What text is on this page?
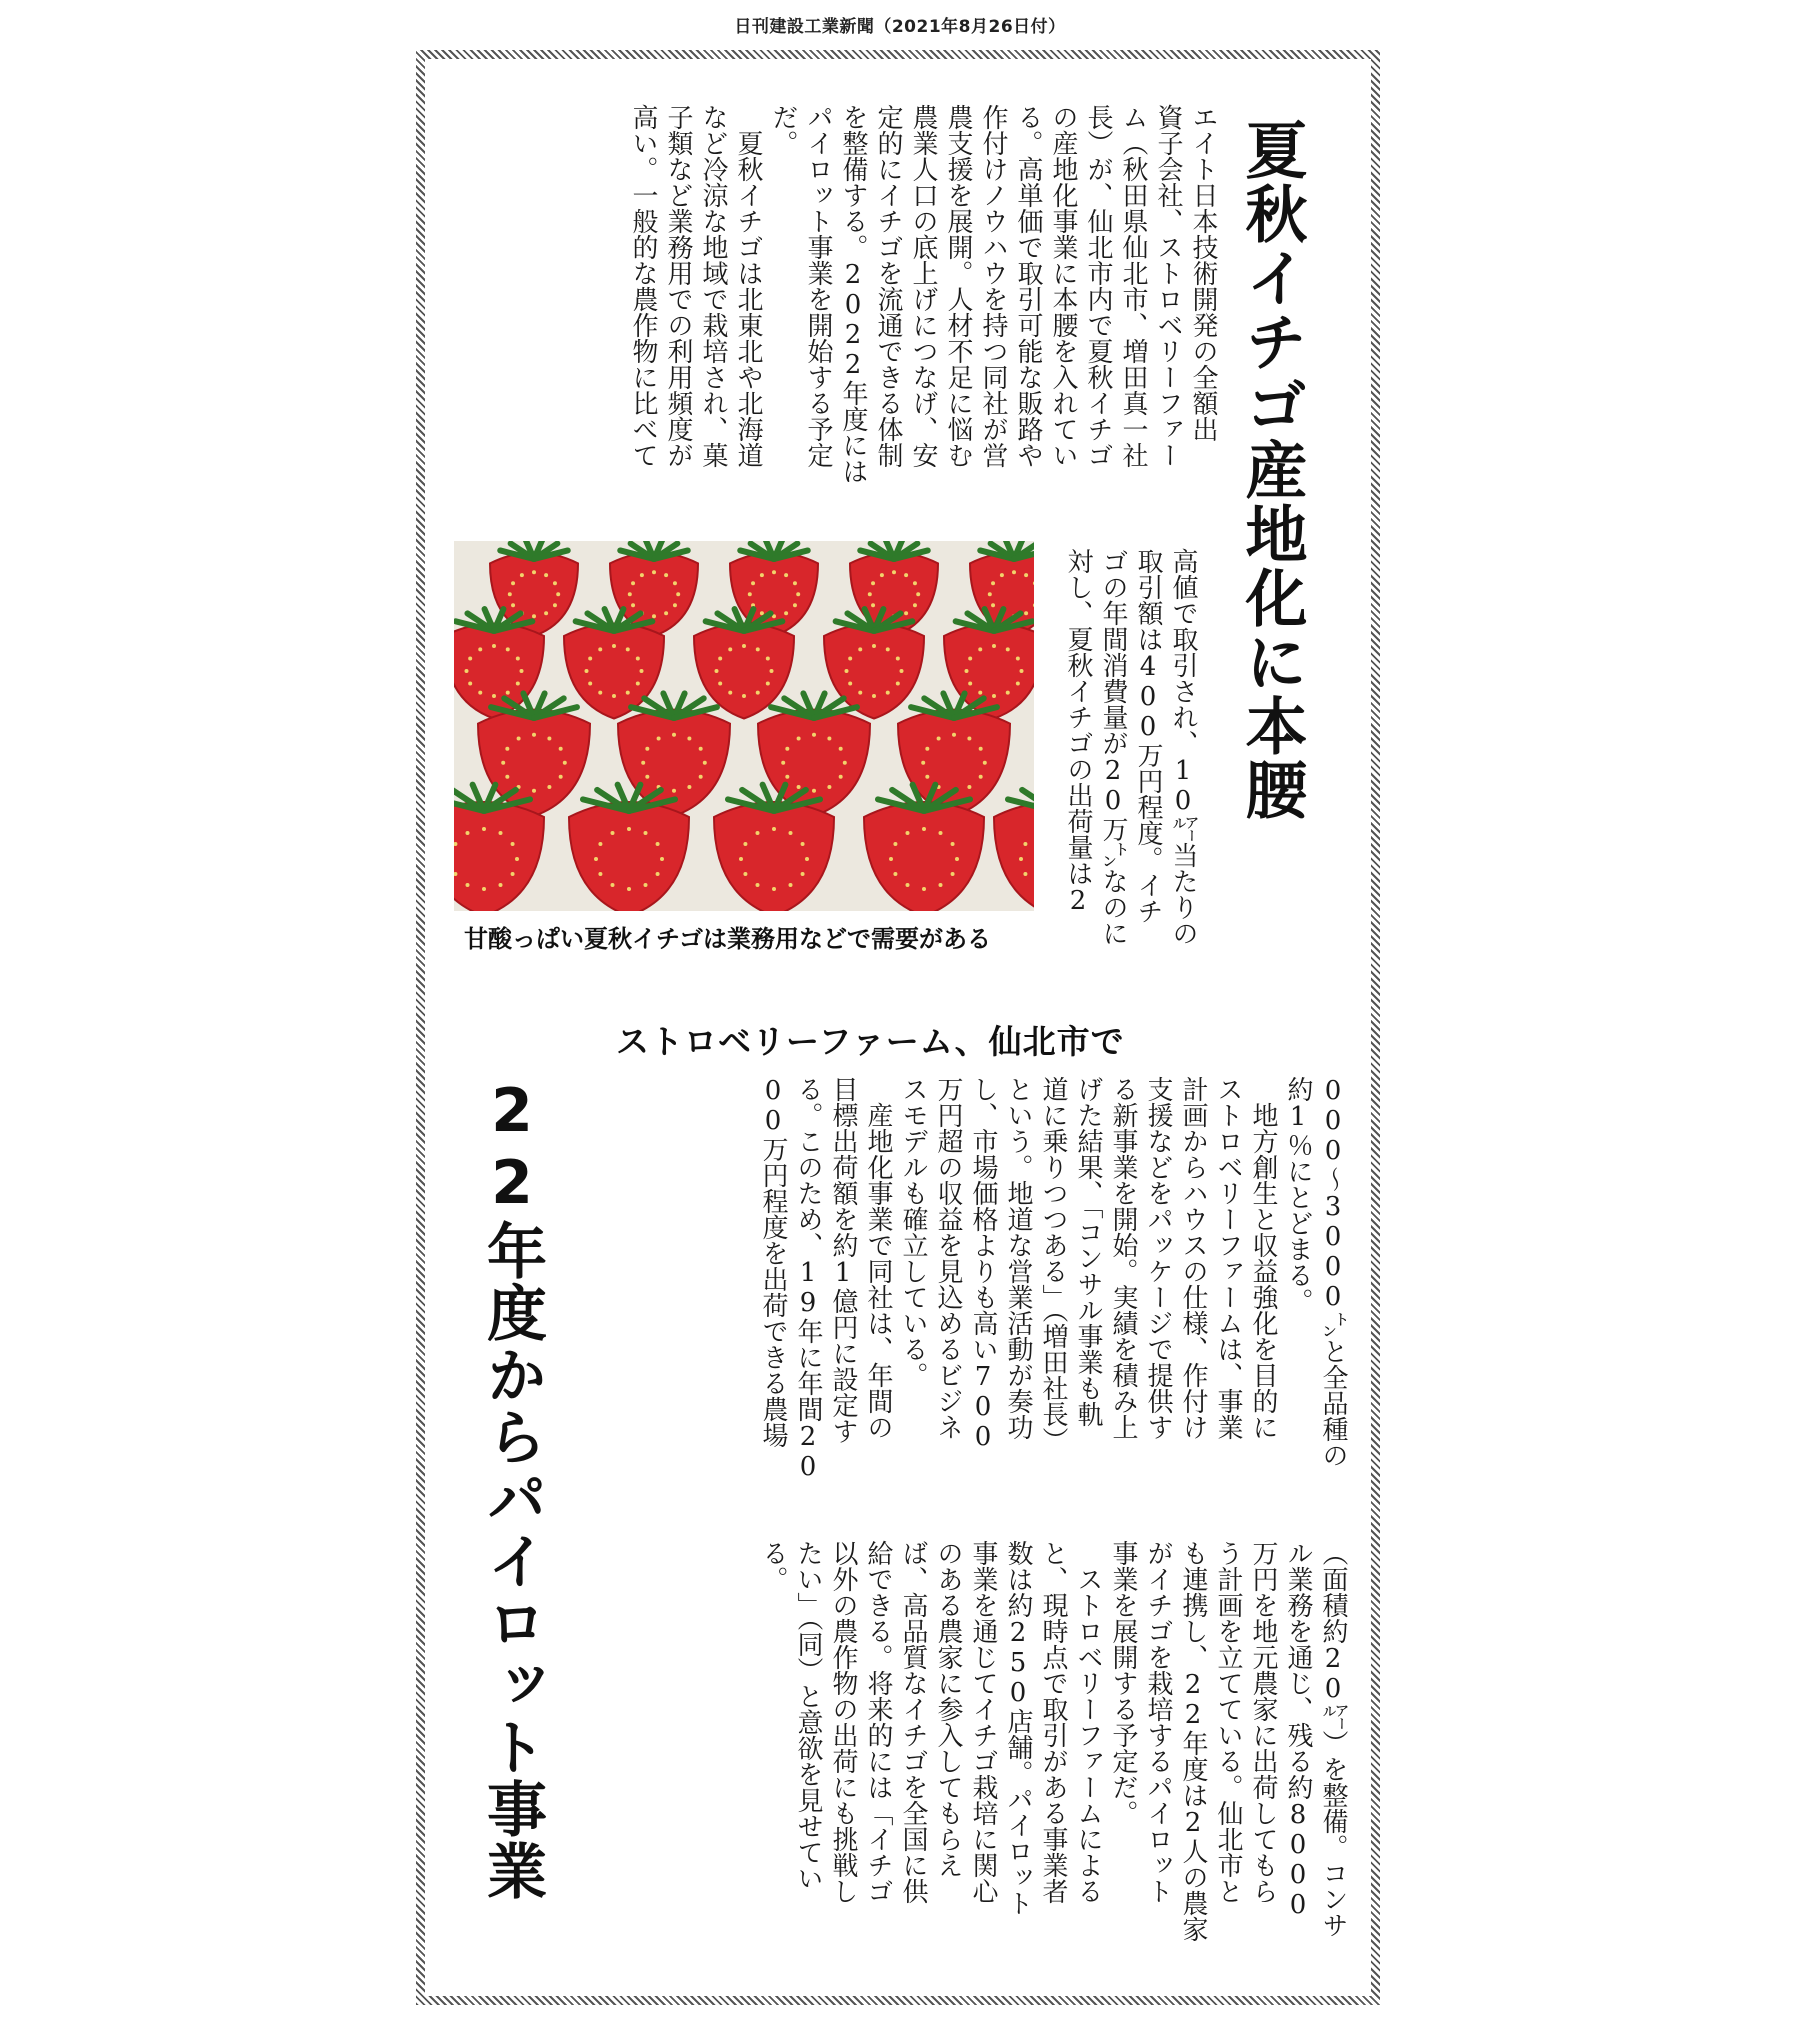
日刊建設工業新聞（2021年8月26日付）
夏秋イチゴ産地化に本腰
エイト日本技術開発の全額出
資子会社、ストロベリーファー
ム（秋田県仙北市、増田真一社
長）が、仙北市内で夏秋イチゴ
の産地化事業に本腰を入れてい
る。高単価で取引可能な販路や
作付けノウハウを持つ同社が営
農支援を展開。人材不足に悩む
農業人口の底上げにつなげ、安
定的にイチゴを流通できる体制
を整備する。2022年度には
パイロット事業を開始する予定
だ。
　夏秋イチゴは北東北や北海道
など冷涼な地域で栽培され、菓
子類など業務用での利用頻度が
高い。一般的な農作物に比べて
高値で取引され、10㌃当たりの
取引額は400万円程度。イチ
ゴの年間消費量が20万㌧なのに
対し、夏秋イチゴの出荷量は2
甘酸っぱい夏秋イチゴは業務用などで需要がある
ストロベリーファーム、仙北市で
22年度からパイロット事業	000～3000㌧と全品種の
約1％にとどまる。
　地方創生と収益強化を目的に
ストロベリーファームは、事業
計画からハウスの仕様、作付け
支援などをパッケージで提供す
る新事業を開始。実績を積み上
げた結果、「コンサル事業も軌
道に乗りつつある」（増田社長）
という。地道な営業活動が奏功
し、市場価格よりも高い700
万円超の収益を見込めるビジネ
スモデルも確立している。
　産地化事業で同社は、年間の
目標出荷額を約1億円に設定す
る。このため、19年に年間20
00万円程度を出荷できる農場
（面積約20㌃）を整備。コンサ
ル業務を通じ、残る約8000
万円を地元農家に出荷してもら
う計画を立てている。仙北市と
も連携し、22年度は2人の農家
がイチゴを栽培するパイロット
事業を展開する予定だ。
　ストロベリーファームによる
と、現時点で取引がある事業者
数は約250店舗。パイロット
事業を通じてイチゴ栽培に関心
のある農家に参入してもらえ
ば、高品質なイチゴを全国に供
給できる。将来的には「イチゴ
以外の農作物の出荷にも挑戦し
たい」（同）と意欲を見せてい
る。
